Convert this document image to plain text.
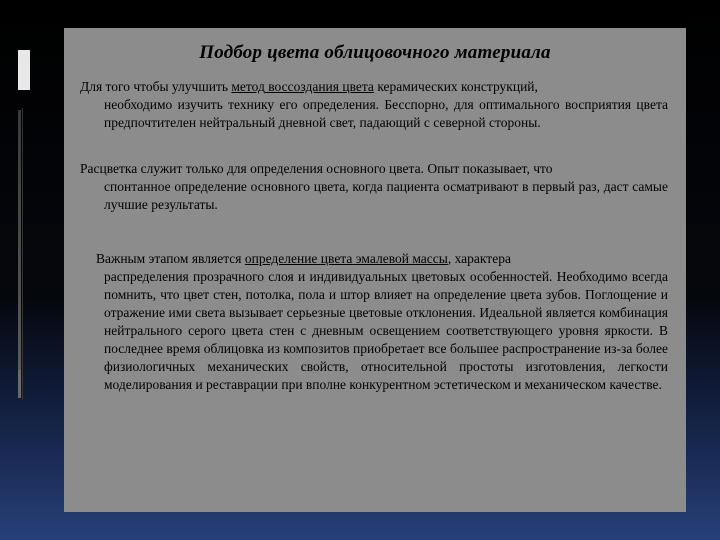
Подбор цвета облицовочного материала
Для того чтобы улучшить метод воссоздания цвета керамических конструкций,
необходимо изучить технику его определения. Бесспорно, для оптимального восприятия цвета предпочтителен нейтральный дневной свет, падающий с северной стороны.
Расцветка служит только для определения основного цвета. Опыт показывает, что
спонтанное определение основного цвета, когда пациента осматривают в первый раз, даст самые лучшие результаты.
Важным этапом является определение цвета эмалевой массы, характера
распределения прозрачного слоя и индивидуальных цветовых особенностей. Необходимо всегда помнить, что цвет стен, потолка, пола и штор влияет на определение цвета зубов. Поглощение и отражение ими света вызывает серьезные цветовые отклонения. Идеальной является комбинация нейтрального серого цвета стен с дневным освещением соответствующего уровня яркости. В последнее время облицовка из композитов приобретает все большее распространение из-за более физиологичных механических свойств, относительной простоты изготовления, легкости моделирования и реставрации при вполне конкурентном эстетическом и механическом качестве.
